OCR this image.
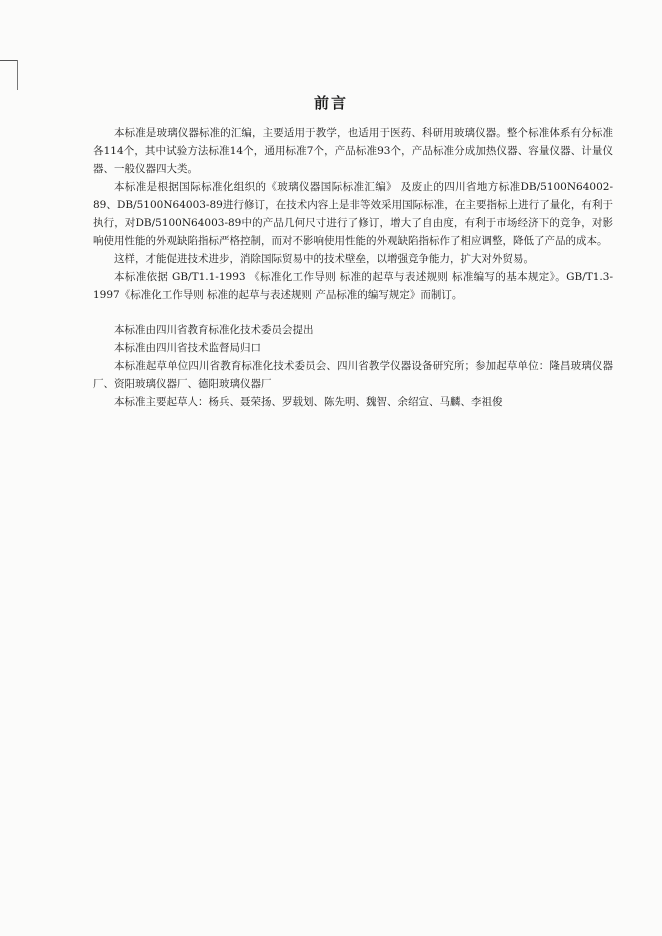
前言

本标准是玻璃仪器标准的汇编，主要适用于教学，也适用于医药、科研用玻璃仪器。整个标准体系有分标准各114个，其中试验方法标准14个，通用标准7个，产品标准93个，产品标准分成加热仪器、容量仪器、计量仪器、一般仪器四大类。

本标准是根据国际标准化组织的《玻璃仪器国际标准汇编》 及废止的四川省地方标准DB/5100N64002-89、DB/5100N64003-89进行修订，在技术内容上是非等效采用国际标准，在主要指标上进行了量化，有利于执行，对DB/5100N64003-89中的产品几何尺寸进行了修订，增大了自由度，有利于市场经济下的竞争，对影响使用性能的外观缺陷指标严格控制，而对不影响使用性能的外观缺陷指标作了相应调整，降低了产品的成本。

这样，才能促进技术进步，消除国际贸易中的技术壁垒，以增强竞争能力，扩大对外贸易。

本标准依据 GB/T1.1-1993 《标准化工作导则 标准的起草与表述规则 标准编写的基本规定》。GB/T1.3-1997《标准化工作导则 标准的起草与表述规则 产品标准的编写规定》而制订。

本标准由四川省教育标准化技术委员会提出

本标准由四川省技术监督局归口

本标准起草单位四川省教育标准化技术委员会、四川省教学仪器设备研究所；参加起草单位：隆昌玻璃仪器厂、资阳玻璃仪器厂、德阳玻璃仪器厂

本标准主要起草人：杨兵、聂荣扬、罗载划、陈先明、魏智、余绍宣、马麟、李祖俊
